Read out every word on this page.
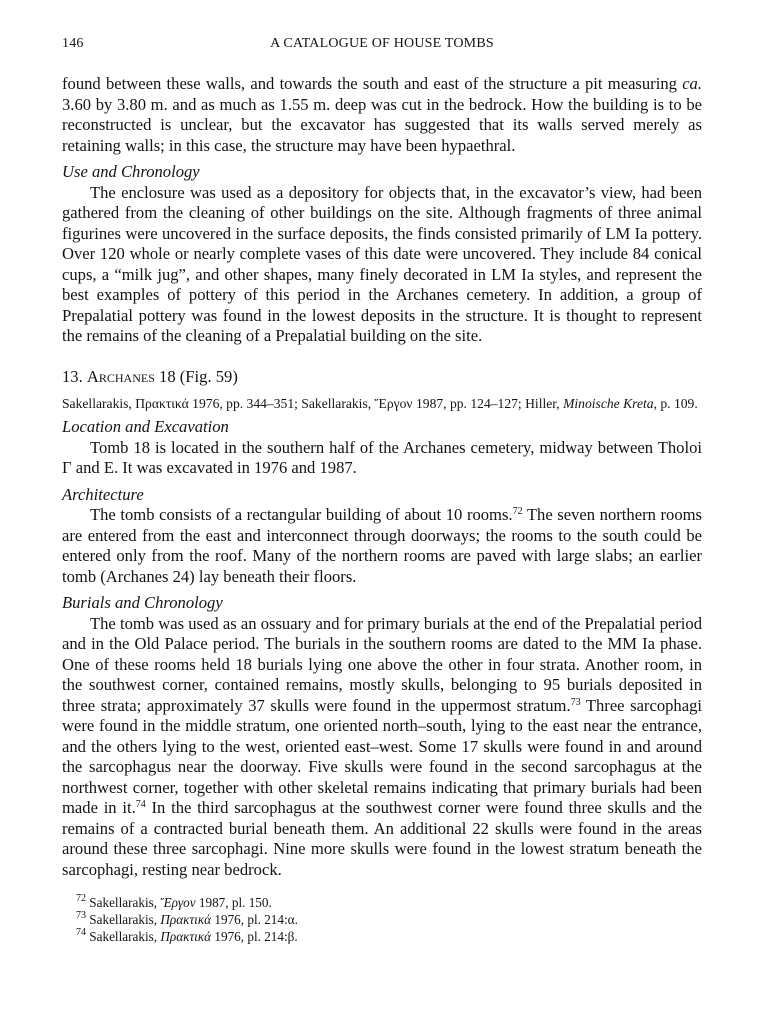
146	A CATALOGUE OF HOUSE TOMBS

found between these walls, and towards the south and east of the structure a pit measuring ca. 3.60 by 3.80 m. and as much as 1.55 m. deep was cut in the bedrock. How the building is to be reconstructed is unclear, but the excavator has suggested that its walls served merely as retaining walls; in this case, the structure may have been hypaethral.

Use and Chronology

The enclosure was used as a depository for objects that, in the excavator’s view, had been gathered from the cleaning of other buildings on the site. Although fragments of three animal figurines were uncovered in the surface deposits, the finds consisted primarily of LM Ia pottery. Over 120 whole or nearly complete vases of this date were uncovered. They include 84 conical cups, a “milk jug”, and other shapes, many finely decorated in LM Ia styles, and represent the best examples of pottery of this period in the Archanes cemetery. In addition, a group of Prepalatial pottery was found in the lowest deposits in the structure. It is thought to represent the remains of the cleaning of a Prepalatial building on the site.

13. Archanes 18 (Fig. 59)
Sakellarakis, Πρακτικά 1976, pp. 344–351; Sakellarakis, Ἔργον 1987, pp. 124–127; Hiller, Minoische Kreta, p. 109.
Location and Excavation

Tomb 18 is located in the southern half of the Archanes cemetery, midway between Tholoi Γ and E. It was excavated in 1976 and 1987.

Architecture

The tomb consists of a rectangular building of about 10 rooms.$^{72}$ The seven northern rooms are entered from the east and interconnect through doorways; the rooms to the south could be entered only from the roof. Many of the northern rooms are paved with large slabs; an earlier tomb (Archanes 24) lay beneath their floors.

Burials and Chronology

The tomb was used as an ossuary and for primary burials at the end of the Prepalatial period and in the Old Palace period. The burials in the southern rooms are dated to the MM Ia phase. One of these rooms held 18 burials lying one above the other in four strata. Another room, in the southwest corner, contained remains, mostly skulls, belonging to 95 burials deposited in three strata; approximately 37 skulls were found in the uppermost stratum.$^{73}$ Three sarcophagi were found in the middle stratum, one oriented north–south, lying to the east near the entrance, and the others lying to the west, oriented east–west. Some 17 skulls were found in and around the sarcophagus near the doorway. Five skulls were found in the second sarcophagus at the northwest corner, together with other skeletal remains indicating that primary burials had been made in it.$^{74}$ In the third sarcophagus at the southwest corner were found three skulls and the remains of a contracted burial beneath them. An additional 22 skulls were found in the areas around these three sarcophagi. Nine more skulls were found in the lowest stratum beneath the sarcophagi, resting near bedrock.

$^{72}$ Sakellarakis, Ἔργον 1987, pl. 150.
$^{73}$ Sakellarakis, Πρακτικά 1976, pl. 214:α.
$^{74}$ Sakellarakis, Πρακτικά 1976, pl. 214:β.
